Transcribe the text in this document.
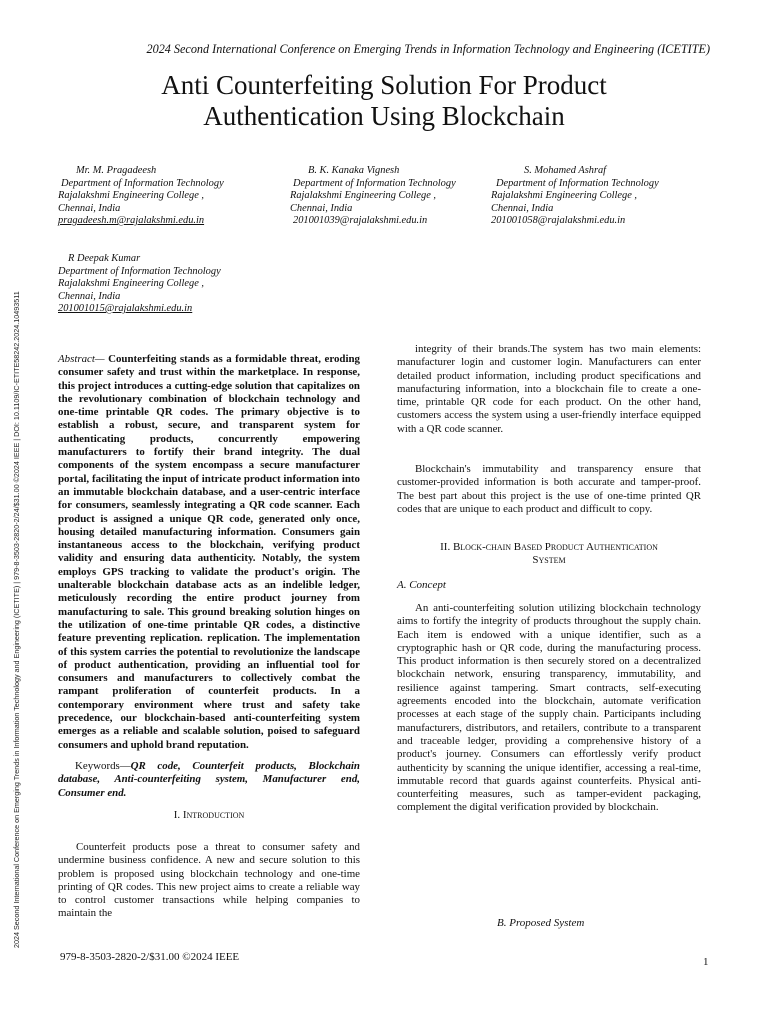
2024 Second International Conference on Emerging Trends in Information Technology and Engineering (ICETITE) | 979-8-3503-2820-2/24/$31.00 ©2024 IEEE | DOI: 10.1109/IC-ETITE58242.2024.10493511
2024 Second International Conference on Emerging Trends in Information Technology and Engineering (ICETITE)
Anti Counterfeiting Solution For Product
Authentication Using Blockchain
Mr. M. Pragadeesh
Department of Information Technology
Rajalakshmi Engineering College ,
Chennai, India
pragadeesh.m@rajalakshmi.edu.in
B. K. Kanaka Vignesh
Department of Information Technology
Rajalakshmi Engineering College ,
Chennai, India
201001039@rajalakshmi.edu.in
S. Mohamed Ashraf
Department of Information Technology
Rajalakshmi Engineering College ,
Chennai, India
201001058@rajalakshmi.edu.in
R Deepak Kumar
Department of Information Technology
Rajalakshmi Engineering College ,
Chennai, India
201001015@rajalakshmi.edu.in
Abstract— Counterfeiting stands as a formidable threat, eroding consumer safety and trust within the marketplace. In response, this project introduces a cutting-edge solution that capitalizes on the revolutionary combination of blockchain technology and one-time printable QR codes. The primary objective is to establish a robust, secure, and transparent system for authenticating products, concurrently empowering manufacturers to fortify their brand integrity. The dual components of the system encompass a secure manufacturer portal, facilitating the input of intricate product information into an immutable blockchain database, and a user-centric interface for consumers, seamlessly integrating a QR code scanner. Each product is assigned a unique QR code, generated only once, housing detailed manufacturing information. Consumers gain instantaneous access to the blockchain, verifying product validity and ensuring data authenticity. Notably, the system employs GPS tracking to validate the product's origin. The unalterable blockchain database acts as an indelible ledger, meticulously recording the entire product journey from manufacturing to sale. This ground breaking solution hinges on the utilization of one-time printable QR codes, a distinctive feature preventing replication. replication. The implementation of this system carries the potential to revolutionize the landscape of product authentication, providing an influential tool for consumers and manufacturers to collectively combat the rampant proliferation of counterfeit products. In a contemporary environment where trust and safety take precedence, our blockchain-based anti-counterfeiting system emerges as a reliable and scalable solution, poised to safeguard consumers and uphold brand reputation.
Keywords—QR code, Counterfeit products, Blockchain database, Anti-counterfeiting system, Manufacturer end, Consumer end.
I. Introduction
Counterfeit products pose a threat to consumer safety and undermine business confidence. A new and secure solution to this problem is proposed using blockchain technology and one-time printing of QR codes. This new project aims to create a reliable way to control customer transactions while helping companies to maintain the
integrity of their brands.The system has two main elements: manufacturer login and customer login. Manufacturers can enter detailed product information, including product specifications and manufacturing information, into a blockchain file to create a one-time, printable QR code for each product. On the other hand, customers access the system using a user-friendly interface equipped with a QR code scanner.
Blockchain's immutability and transparency ensure that customer-provided information is both accurate and tamper-proof. The best part about this project is the use of one-time printed QR codes that are unique to each product and difficult to copy.
II. Block-chain Based Product Authentication
System
A. Concept
An anti-counterfeiting solution utilizing blockchain technology aims to fortify the integrity of products throughout the supply chain. Each item is endowed with a unique identifier, such as a cryptographic hash or QR code, during the manufacturing process. This product information is then securely stored on a decentralized blockchain network, ensuring transparency, immutability, and resilience against tampering. Smart contracts, self-executing agreements encoded into the blockchain, automate verification processes at each stage of the supply chain. Participants including manufacturers, distributors, and retailers, contribute to a transparent and traceable ledger, providing a comprehensive history of a product's journey. Consumers can effortlessly verify product authenticity by scanning the unique identifier, accessing a real-time, immutable record that guards against counterfeits. Physical anti-counterfeiting measures, such as tamper-evident packaging, complement the digital verification provided by blockchain.
B. Proposed System
979-8-3503-2820-2/$31.00 ©2024 IEEE	1
